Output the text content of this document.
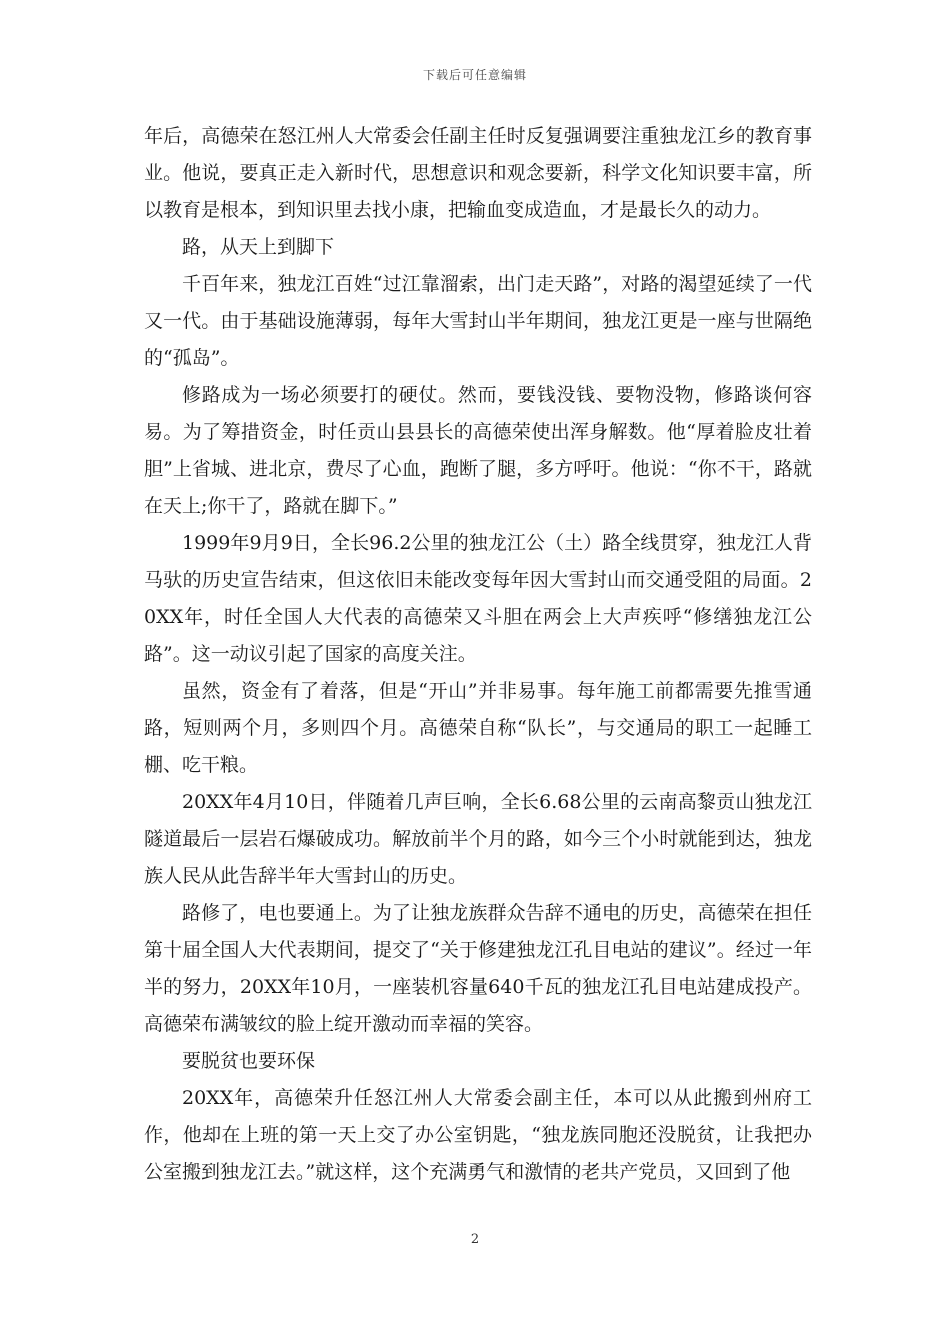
下载后可任意编辑

年后，高德荣在怒江州人大常委会任副主任时反复强调要注重独龙江乡的教育事业。他说，要真正走入新时代，思想意识和观念要新，科学文化知识要丰富，所以教育是根本，到知识里去找小康，把输血变成造血，才是最长久的动力。

路，从天上到脚下

千百年来，独龙江百姓“过江靠溜索，出门走天路”，对路的渴望延续了一代又一代。由于基础设施薄弱，每年大雪封山半年期间，独龙江更是一座与世隔绝的“孤岛”。

修路成为一场必须要打的硬仗。然而，要钱没钱、要物没物，修路谈何容易。为了筹措资金，时任贡山县县长的高德荣使出浑身解数。他“厚着脸皮壮着胆”上省城、进北京，费尽了心血，跑断了腿，多方呼吁。他说：“你不干，路就在天上;你干了，路就在脚下。”

1999年9月9日，全长96.2公里的独龙江公（土）路全线贯穿，独龙江人背马驮的历史宣告结束，但这依旧未能改变每年因大雪封山而交通受阻的局面。20XX年，时任全国人大代表的高德荣又斗胆在两会上大声疾呼“修缮独龙江公路”。这一动议引起了国家的高度关注。

虽然，资金有了着落，但是“开山”并非易事。每年施工前都需要先推雪通路，短则两个月，多则四个月。高德荣自称“队长”，与交通局的职工一起睡工棚、吃干粮。

20XX年4月10日，伴随着几声巨响，全长6.68公里的云南高黎贡山独龙江隧道最后一层岩石爆破成功。解放前半个月的路，如今三个小时就能到达，独龙族人民从此告辞半年大雪封山的历史。

路修了，电也要通上。为了让独龙族群众告辞不通电的历史，高德荣在担任第十届全国人大代表期间，提交了“关于修建独龙江孔目电站的建议”。经过一年半的努力，20XX年10月，一座装机容量640千瓦的独龙江孔目电站建成投产。高德荣布满皱纹的脸上绽开激动而幸福的笑容。

要脱贫也要环保

20XX年，高德荣升任怒江州人大常委会副主任，本可以从此搬到州府工作，他却在上班的第一天上交了办公室钥匙，“独龙族同胞还没脱贫，让我把办公室搬到独龙江去。”就这样，这个充满勇气和激情的老共产党员，又回到了他

2
